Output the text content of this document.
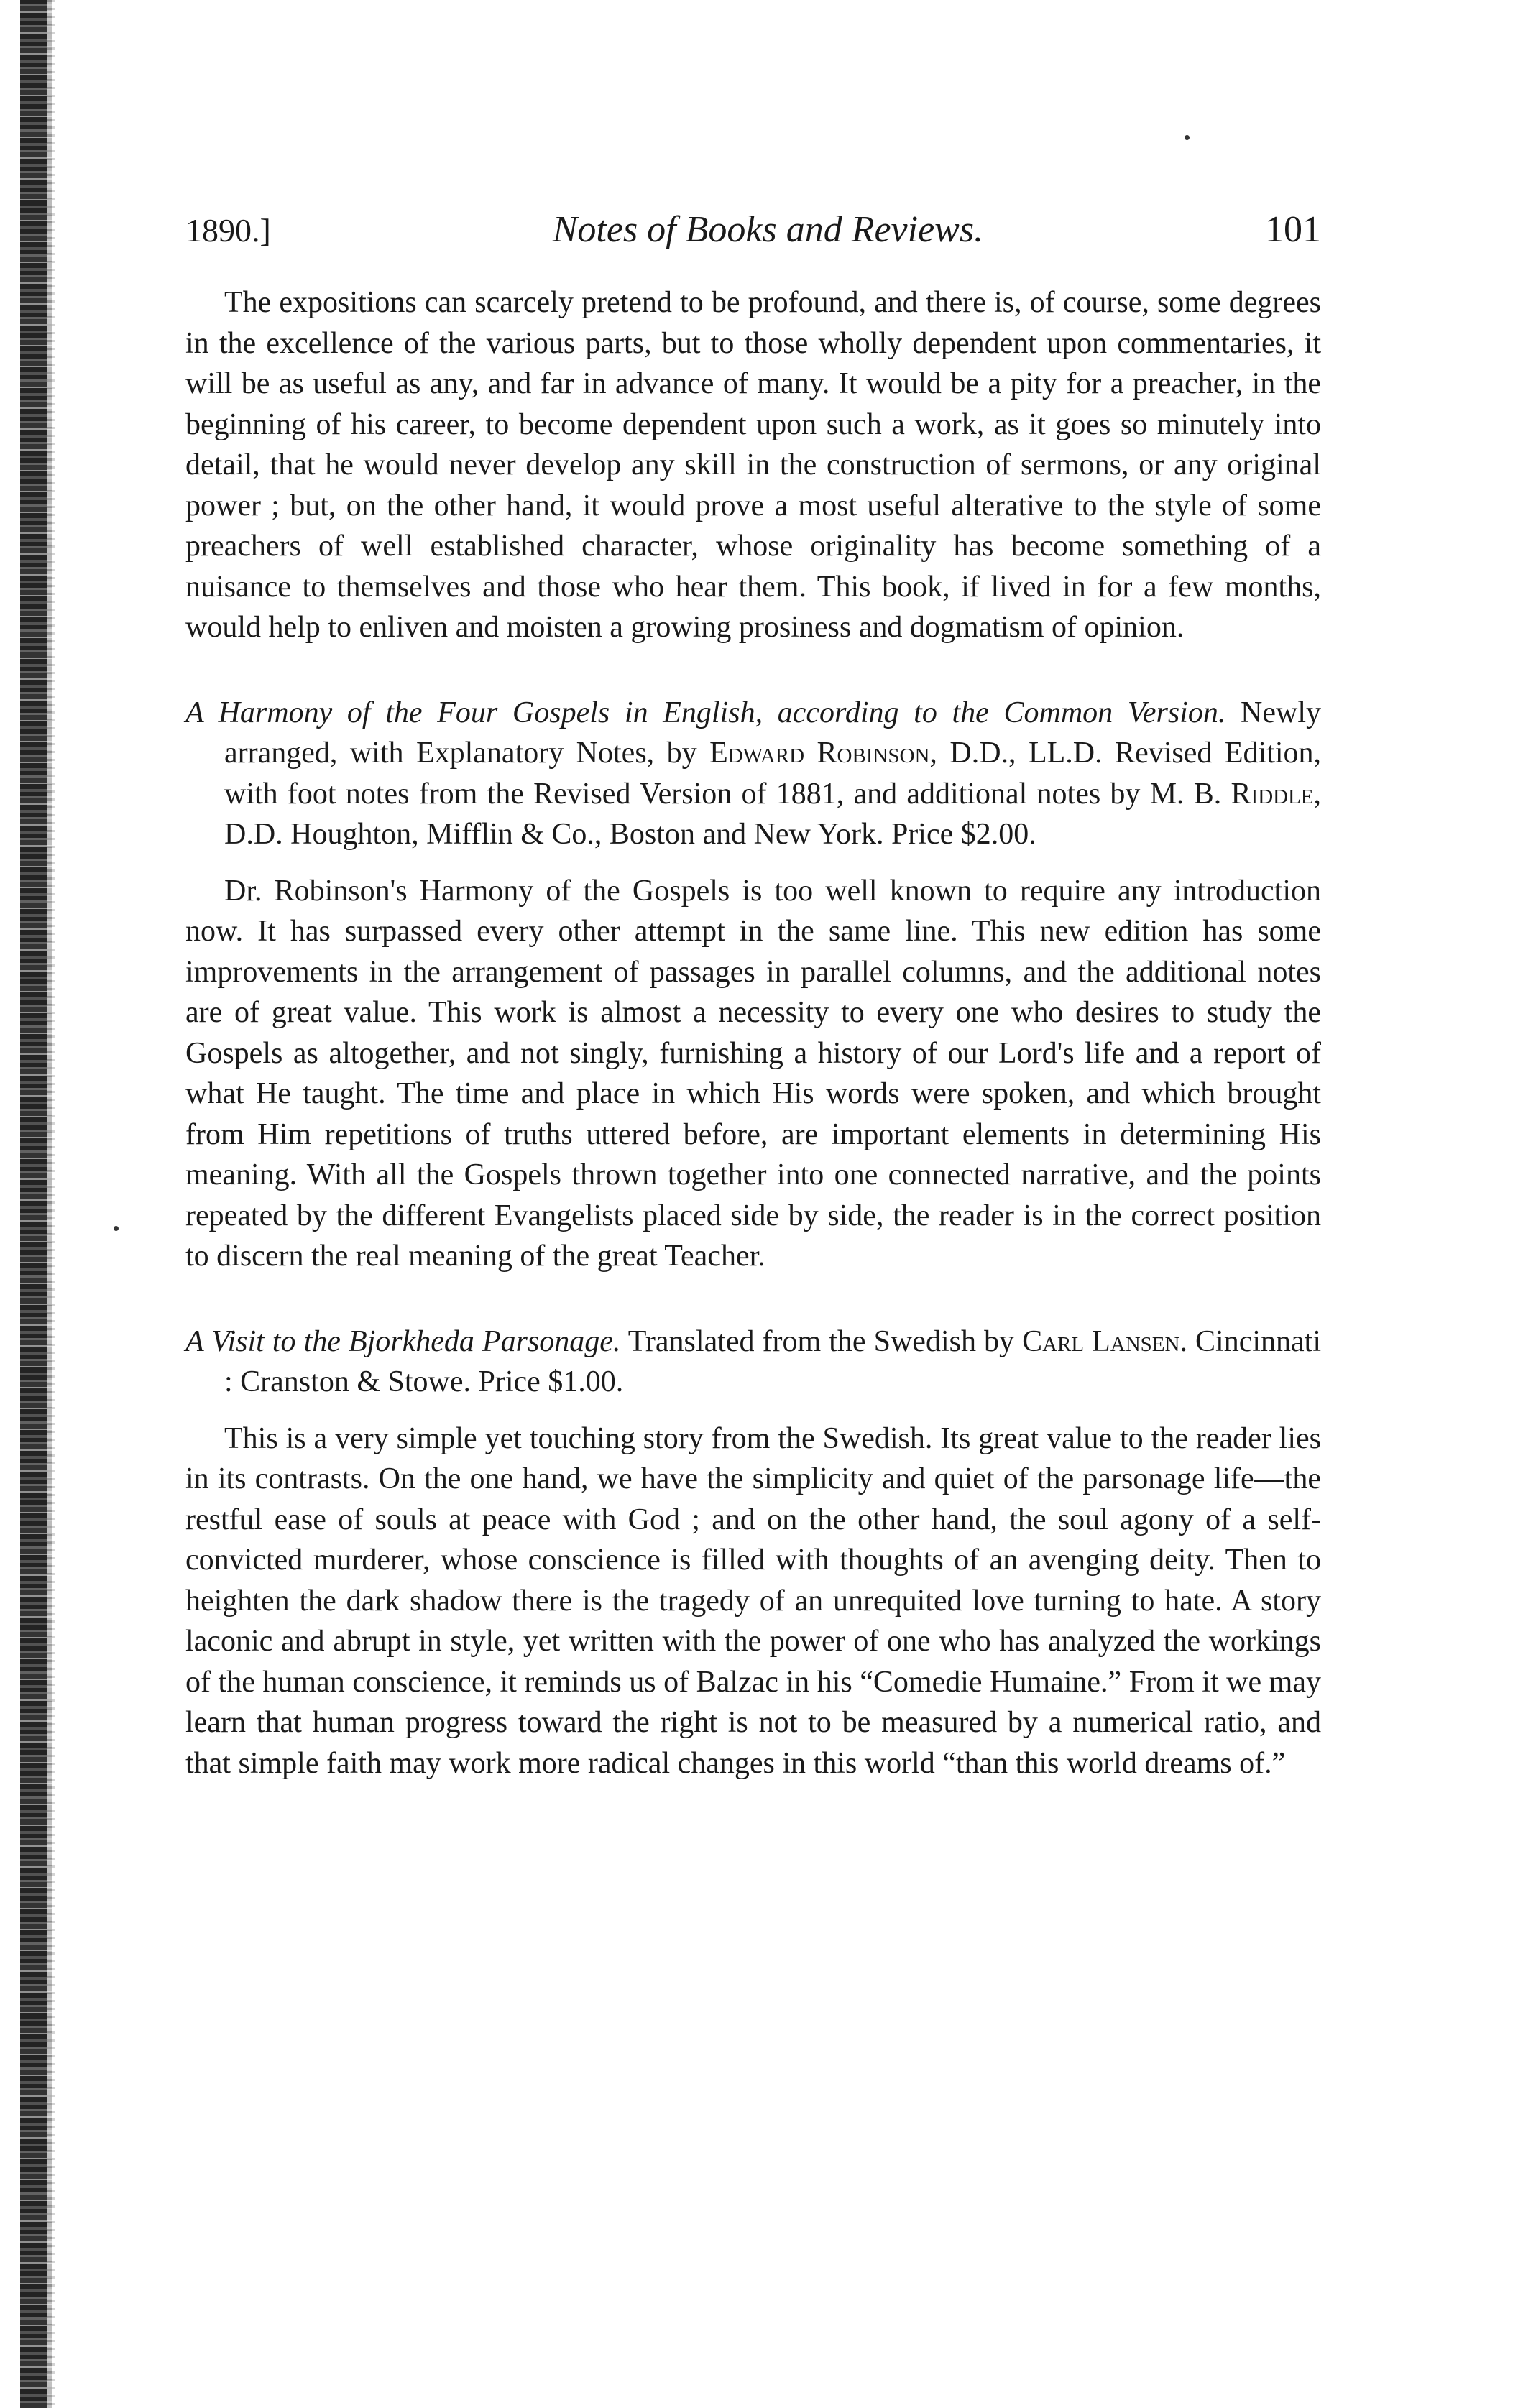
1890.]	Notes of Books and Reviews.	101

The expositions can scarcely pretend to be profound, and there is, of course, some degrees in the excellence of the various parts, but to those wholly dependent upon commentaries, it will be as useful as any, and far in advance of many. It would be a pity for a preacher, in the beginning of his career, to become dependent upon such a work, as it goes so minutely into detail, that he would never develop any skill in the construction of sermons, or any original power ; but, on the other hand, it would prove a most useful alterative to the style of some preachers of well established character, whose originality has become something of a nuisance to themselves and those who hear them. This book, if lived in for a few months, would help to enliven and moisten a growing prosiness and dogmatism of opinion.

A Harmony of the Four Gospels in English, according to the Common Version. Newly arranged, with Explanatory Notes, by Edward Robinson, D.D., LL.D. Revised Edition, with foot notes from the Revised Version of 1881, and additional notes by M. B. Riddle, D.D. Houghton, Mifflin & Co., Boston and New York. Price $2.00.

Dr. Robinson's Harmony of the Gospels is too well known to require any introduction now. It has surpassed every other attempt in the same line. This new edition has some improvements in the arrangement of passages in parallel columns, and the additional notes are of great value. This work is almost a necessity to every one who desires to study the Gospels as altogether, and not singly, furnishing a history of our Lord's life and a report of what He taught. The time and place in which His words were spoken, and which brought from Him repetitions of truths uttered before, are important elements in determining His meaning. With all the Gospels thrown together into one connected narrative, and the points repeated by the different Evangelists placed side by side, the reader is in the correct position to discern the real meaning of the great Teacher.

A Visit to the Bjorkheda Parsonage. Translated from the Swedish by Carl Lansen. Cincinnati : Cranston & Stowe. Price $1.00.

This is a very simple yet touching story from the Swedish. Its great value to the reader lies in its contrasts. On the one hand, we have the simplicity and quiet of the parsonage life—the restful ease of souls at peace with God ; and on the other hand, the soul agony of a self-convicted murderer, whose conscience is filled with thoughts of an avenging deity. Then to heighten the dark shadow there is the tragedy of an unrequited love turning to hate. A story laconic and abrupt in style, yet written with the power of one who has analyzed the workings of the human conscience, it reminds us of Balzac in his “Comedie Humaine.” From it we may learn that human progress toward the right is not to be measured by a numerical ratio, and that simple faith may work more radical changes in this world “than this world dreams of.”
